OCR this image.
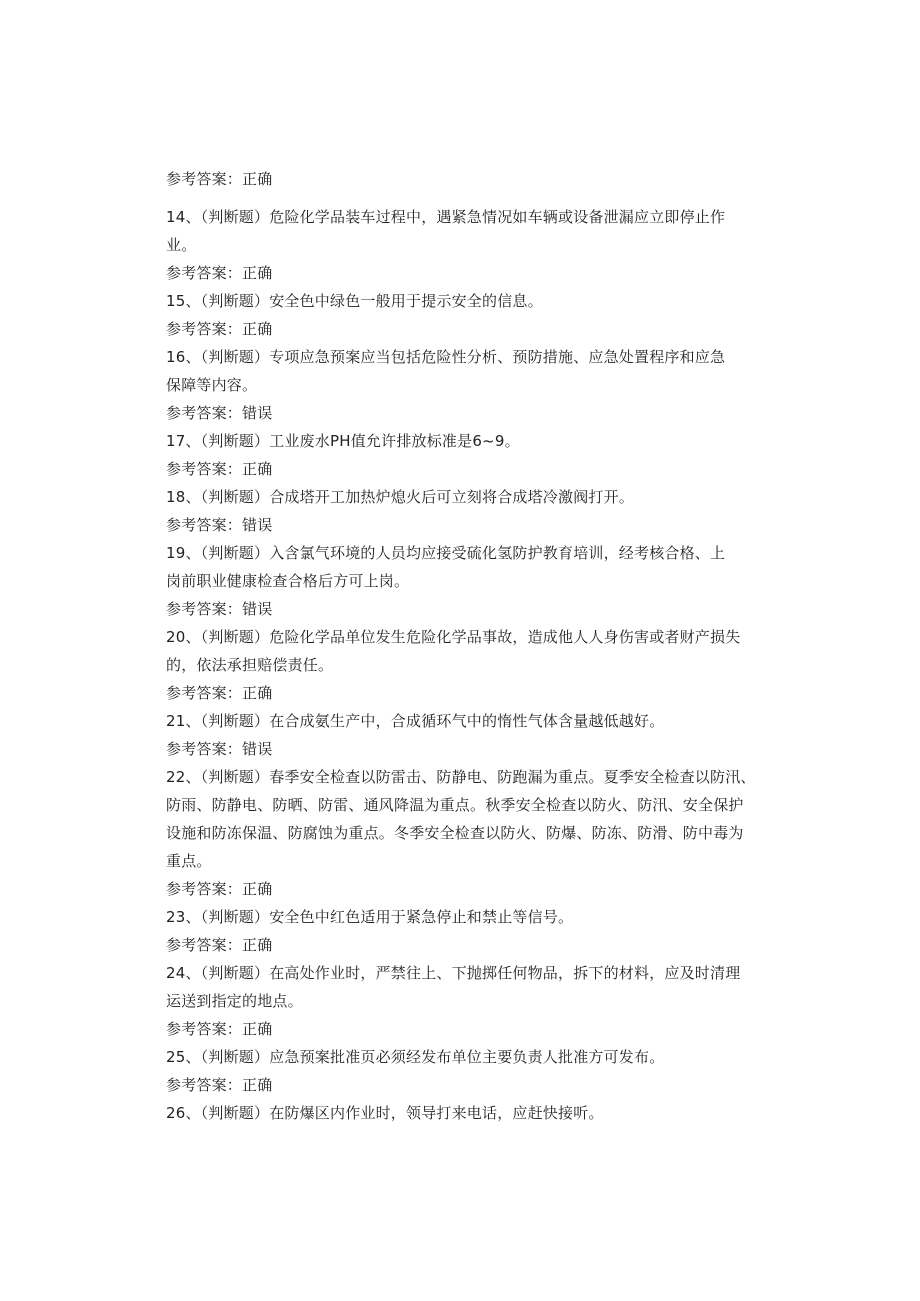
参考答案：正确
14、（判断题）危险化学品装车过程中，遇紧急情况如车辆或设备泄漏应立即停止作
业。
参考答案：正确
15、（判断题）安全色中绿色一般用于提示安全的信息。
参考答案：正确
16、（判断题）专项应急预案应当包括危险性分析、预防措施、应急处置程序和应急
保障等内容。
参考答案：错误
17、（判断题）工业废水PH值允许排放标准是6~9。
参考答案：正确
18、（判断题）合成塔开工加热炉熄火后可立刻将合成塔冷激阀打开。
参考答案：错误
19、（判断题）入含氯气环境的人员均应接受硫化氢防护教育培训，经考核合格、上
岗前职业健康检查合格后方可上岗。
参考答案：错误
20、（判断题）危险化学品单位发生危险化学品事故，造成他人人身伤害或者财产损失
的，依法承担赔偿责任。
参考答案：正确
21、（判断题）在合成氨生产中，合成循环气中的惰性气体含量越低越好。
参考答案：错误
22、（判断题）春季安全检查以防雷击、防静电、防跑漏为重点。夏季安全检查以防汛、
防雨、防静电、防晒、防雷、通风降温为重点。秋季安全检查以防火、防汛、安全保护
设施和防冻保温、防腐蚀为重点。冬季安全检查以防火、防爆、防冻、防滑、防中毒为
重点。
参考答案：正确
23、（判断题）安全色中红色适用于紧急停止和禁止等信号。
参考答案：正确
24、（判断题）在高处作业时，严禁往上、下抛掷任何物品，拆下的材料，应及时清理
运送到指定的地点。
参考答案：正确
25、（判断题）应急预案批准页必须经发布单位主要负责人批准方可发布。
参考答案：正确
26、（判断题）在防爆区内作业时，领导打来电话，应赶快接听。
